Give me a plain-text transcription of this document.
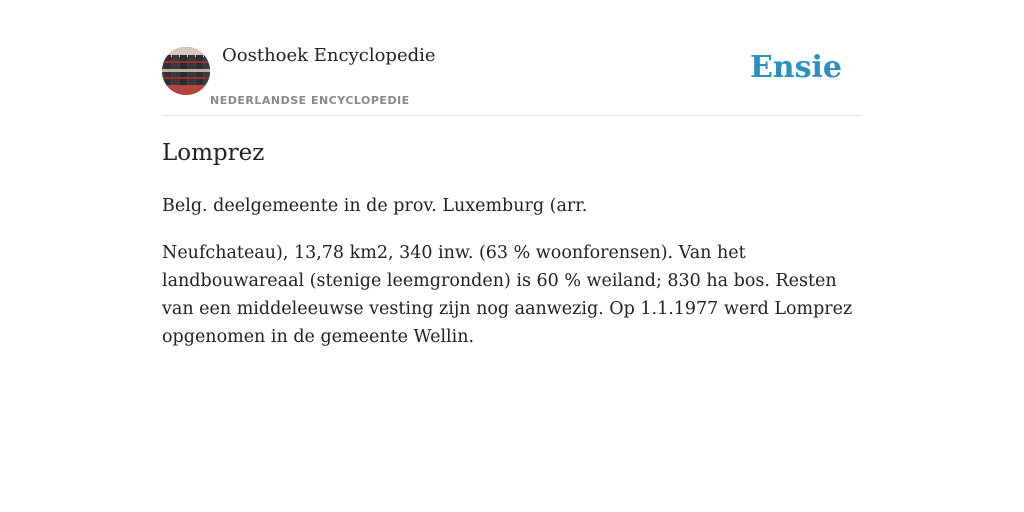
Oosthoek Encyclopedie
NEDERLANDSE ENCYCLOPEDIE
Ensie
Lomprez

Belg. deelgemeente in de prov. Luxemburg (arr.

Neufchateau), 13,78 km2, 340 inw. (63 % woonforensen). Van het landbouwareaal (stenige leemgronden) is 60 % weiland; 830 ha bos. Resten van een middeleeuwse vesting zijn nog aanwezig. Op 1.1.1977 werd Lomprez opgenomen in de gemeente Wellin.
